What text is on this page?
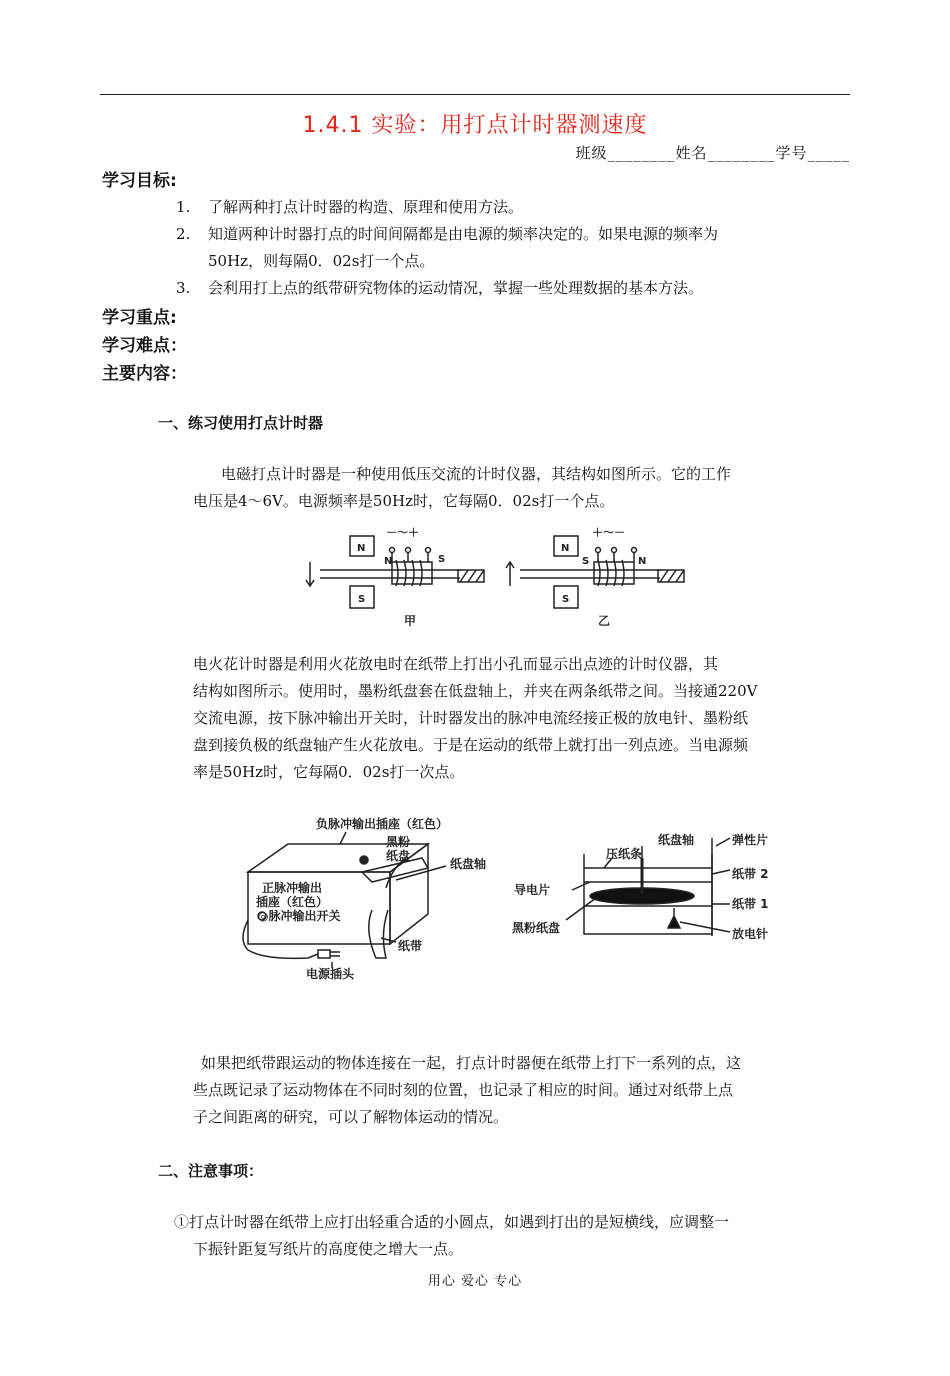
1.4.1 实验：用打点计时器测速度
班级________姓名________学号_____
学习目标:
1. 了解两种打点计时器的构造、原理和使用方法。
2. 知道两种计时器打点的时间间隔都是由电源的频率决定的。如果电源的频率为
50Hz，则每隔0．02s打一个点。
3. 会利用打上点的纸带研究物体的运动情况，掌握一些处理数据的基本方法。
学习重点:
学习难点：
主要内容：
一、练习使用打点计时器
电磁打点计时器是一种使用低压交流的计时仪器，其结构如图所示。它的工作
电压是4～6V。电源频率是50Hz时，它每隔0．02s打一个点。
N
S
N	S
－～＋
甲
N
S
S	N
＋～－
乙
电火花计时器是利用火花放电时在纸带上打出小孔而显示出点迹的计时仪器，其
结构如图所示。使用时，墨粉纸盘套在低盘轴上，并夹在两条纸带之间。当接通220V
交流电源，按下脉冲输出开关时，计时器发出的脉冲电流经接正极的放电针、墨粉纸
盘到接负极的纸盘轴产生火花放电。于是在运动的纸带上就打出一列点迹。当电源频
率是50Hz时，它每隔0．02s打一次点。
负脉冲输出插座（红色）
黑粉
纸盘
纸盘轴
正脉冲输出
插座（红色）
◎脉冲输出开关
纸带
电源插头
纸盘轴	弹性片
压纸条
导电片
纸带 2
纸带 1
黑粉纸盘	放电针
如果把纸带跟运动的物体连接在一起，打点计时器便在纸带上打下一系列的点，这
些点既记录了运动物体在不同时刻的位置，也记录了相应的时间。通过对纸带上点
子之间距离的研究，可以了解物体运动的情况。
二、注意事项：
①打点计时器在纸带上应打出轻重合适的小圆点，如遇到打出的是短横线，应调整一
下振针距复写纸片的高度使之增大一点。
用心 爱心 专心
